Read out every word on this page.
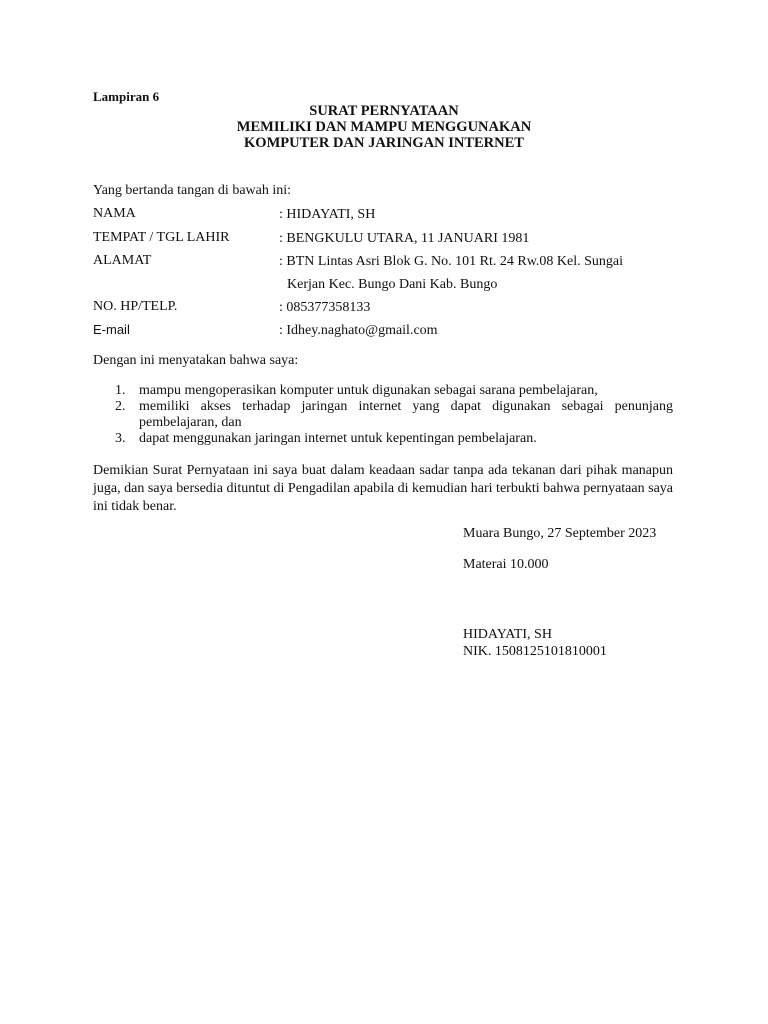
Lampiran 6
SURAT PERNYATAAN
MEMILIKI DAN MAMPU MENGGUNAKAN
KOMPUTER DAN JARINGAN INTERNET
Yang bertanda tangan di bawah ini:
NAMA	: HIDAYATI, SH
TEMPAT / TGL LAHIR	: BENGKULU UTARA, 11 JANUARI 1981
ALAMAT	: BTN Lintas Asri Blok G. No. 101 Rt. 24 Rw.08 Kel. Sungai
Kerjan Kec. Bungo Dani Kab. Bungo
NO. HP/TELP.	: 085377358133
E-mail	: Idhey.naghato@gmail.com
Dengan ini menyatakan bahwa saya:
1. mampu mengoperasikan komputer untuk digunakan sebagai sarana pembelajaran,
2. memiliki akses terhadap jaringan internet yang dapat digunakan sebagai penunjang pembelajaran, dan
3. dapat menggunakan jaringan internet untuk kepentingan pembelajaran.
Demikian Surat Pernyataan ini saya buat dalam keadaan sadar tanpa ada tekanan dari pihak manapun juga, dan saya bersedia dituntut di Pengadilan apabila di kemudian hari terbukti bahwa pernyataan saya ini tidak benar.
Muara Bungo, 27 September 2023
Materai 10.000
HIDAYATI, SH
NIK. 1508125101810001
